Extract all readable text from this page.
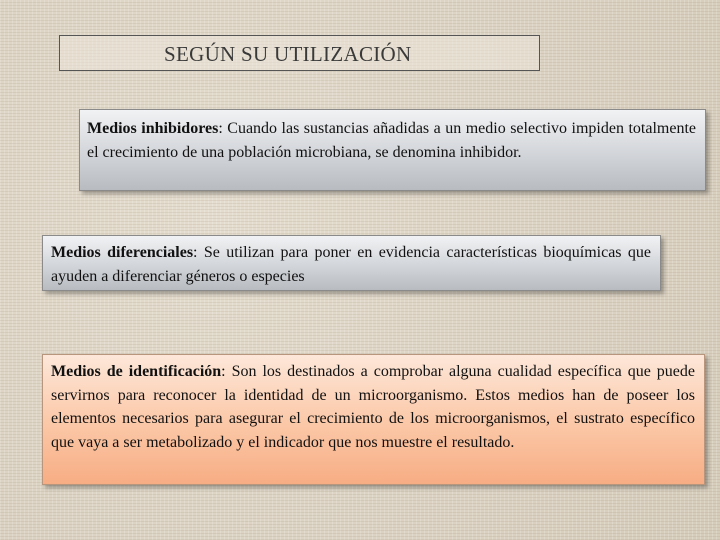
SEGÚN SU UTILIZACIÓN

Medios inhibidores: Cuando las sustancias añadidas a un medio selectivo impiden totalmente el crecimiento de una población microbiana, se denomina inhibidor.

Medios diferenciales: Se utilizan para poner en evidencia características bioquímicas que ayuden a diferenciar géneros o especies

Medios de identificación: Son los destinados a comprobar alguna cualidad específica que puede servirnos para reconocer la identidad de un microorganismo. Estos medios han de poseer los elementos necesarios para asegurar el crecimiento de los microorganismos, el sustrato específico que vaya a ser metabolizado y el indicador que nos muestre el resultado.
